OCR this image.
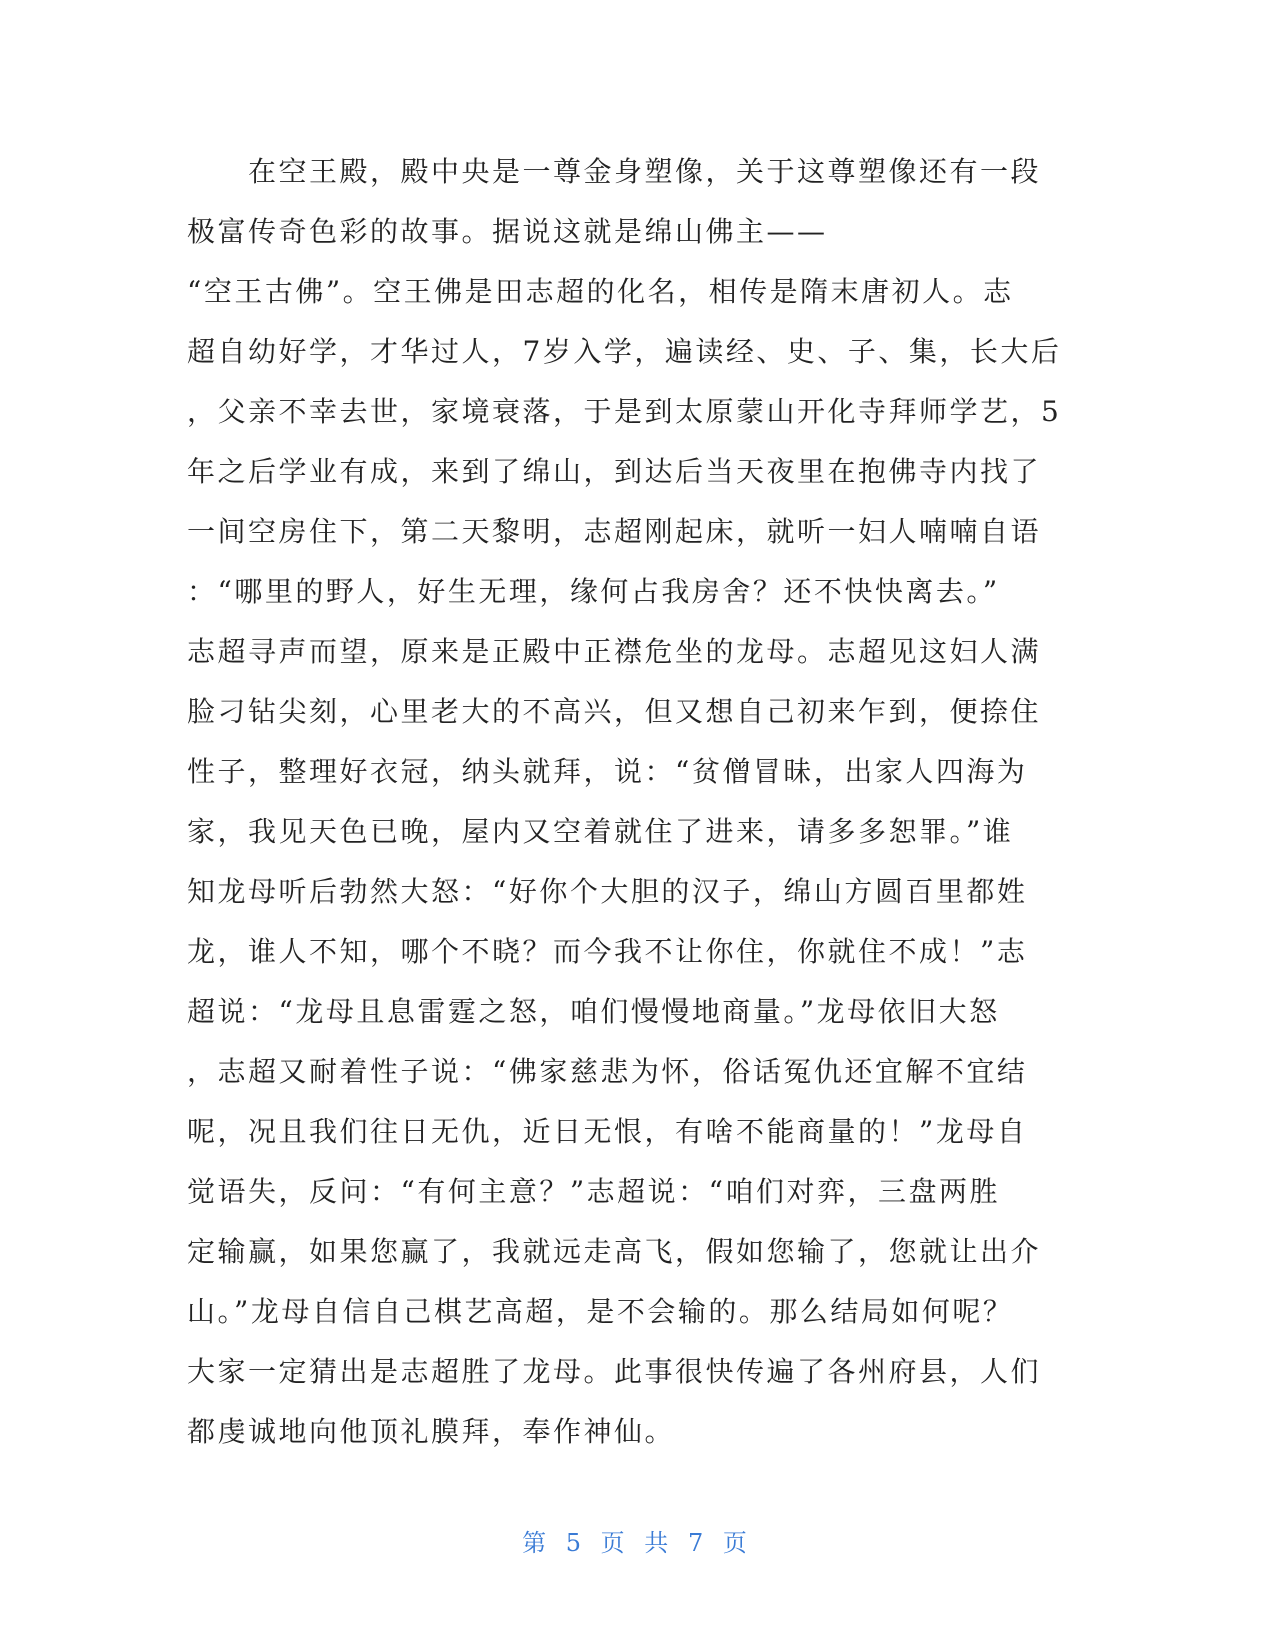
　　在空王殿，殿中央是一尊金身塑像，关于这尊塑像还有一段
极富传奇色彩的故事。据说这就是绵山佛主——
“空王古佛”。空王佛是田志超的化名，相传是隋末唐初人。志
超自幼好学，才华过人，7岁入学，遍读经、史、子、集，长大后
，父亲不幸去世，家境衰落，于是到太原蒙山开化寺拜师学艺，5
年之后学业有成，来到了绵山，到达后当天夜里在抱佛寺内找了
一间空房住下，第二天黎明，志超刚起床，就听一妇人喃喃自语
：“哪里的野人，好生无理，缘何占我房舍？还不快快离去。”
志超寻声而望，原来是正殿中正襟危坐的龙母。志超见这妇人满
脸刁钻尖刻，心里老大的不高兴，但又想自己初来乍到，便捺住
性子，整理好衣冠，纳头就拜，说：“贫僧冒昧，出家人四海为
家，我见天色已晚，屋内又空着就住了进来，请多多恕罪。”谁
知龙母听后勃然大怒：“好你个大胆的汉子，绵山方圆百里都姓
龙，谁人不知，哪个不晓？而今我不让你住，你就住不成！”志
超说：“龙母且息雷霆之怒，咱们慢慢地商量。”龙母依旧大怒
，志超又耐着性子说：“佛家慈悲为怀，俗话冤仇还宜解不宜结
呢，况且我们往日无仇，近日无恨，有啥不能商量的！”龙母自
觉语失，反问：“有何主意？”志超说：“咱们对弈，三盘两胜
定输赢，如果您赢了，我就远走高飞，假如您输了，您就让出介
山。”龙母自信自己棋艺高超，是不会输的。那么结局如何呢？
大家一定猜出是志超胜了龙母。此事很快传遍了各州府县，人们
都虔诚地向他顶礼膜拜，奉作神仙。
第 5 页 共 7 页
